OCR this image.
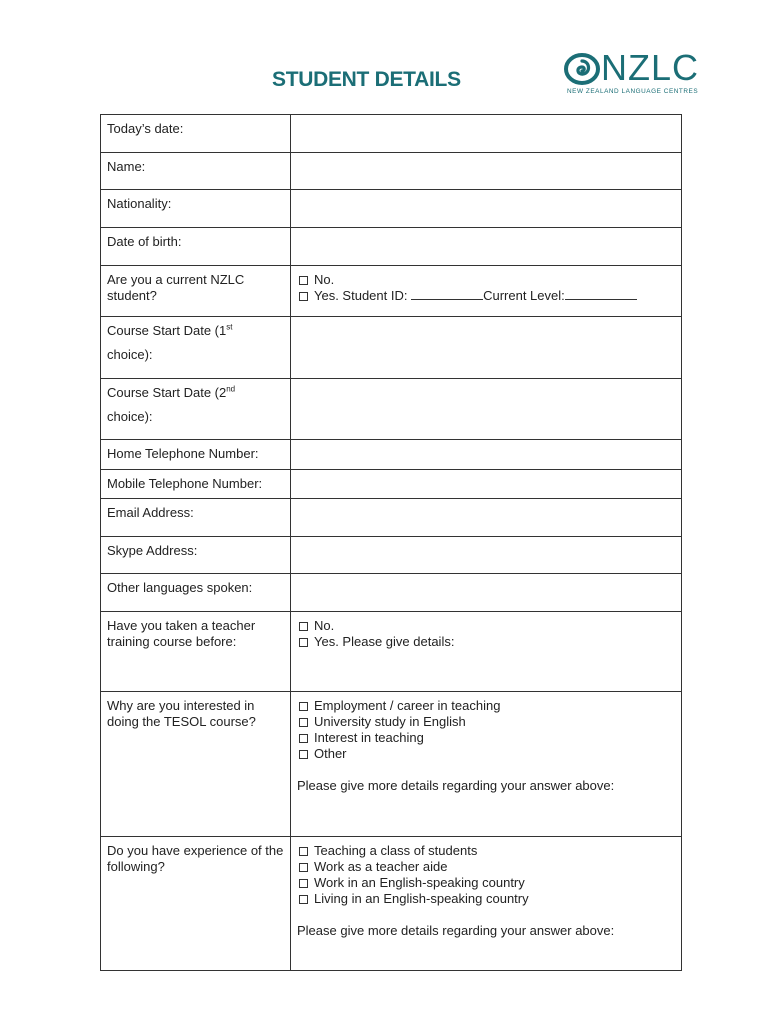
STUDENT DETAILS	NZLC
NEW ZEALAND LANGUAGE CENTRES
Today’s date:	
Name:	
Nationality:	
Date of birth:	
Are you a current NZLC student?	No.
Yes. Student ID: Current Level:

Course Start Date (1st
choice):	
Course Start Date (2nd
choice):	
Home Telephone Number:	
Mobile Telephone Number:	
Email Address:	
Skype Address:	
Other languages spoken:	
Have you taken a teacher training course before:	No.
Yes. Please give details:

Why are you interested in doing the TESOL course?	Employment / career in teaching
University study in English
Interest in teaching
Other
Please give more details regarding your answer above:

Do you have experience of the following?	Teaching a class of students
Work as a teacher aide
Work in an English-speaking country
Living in an English-speaking country
Please give more details regarding your answer above:
